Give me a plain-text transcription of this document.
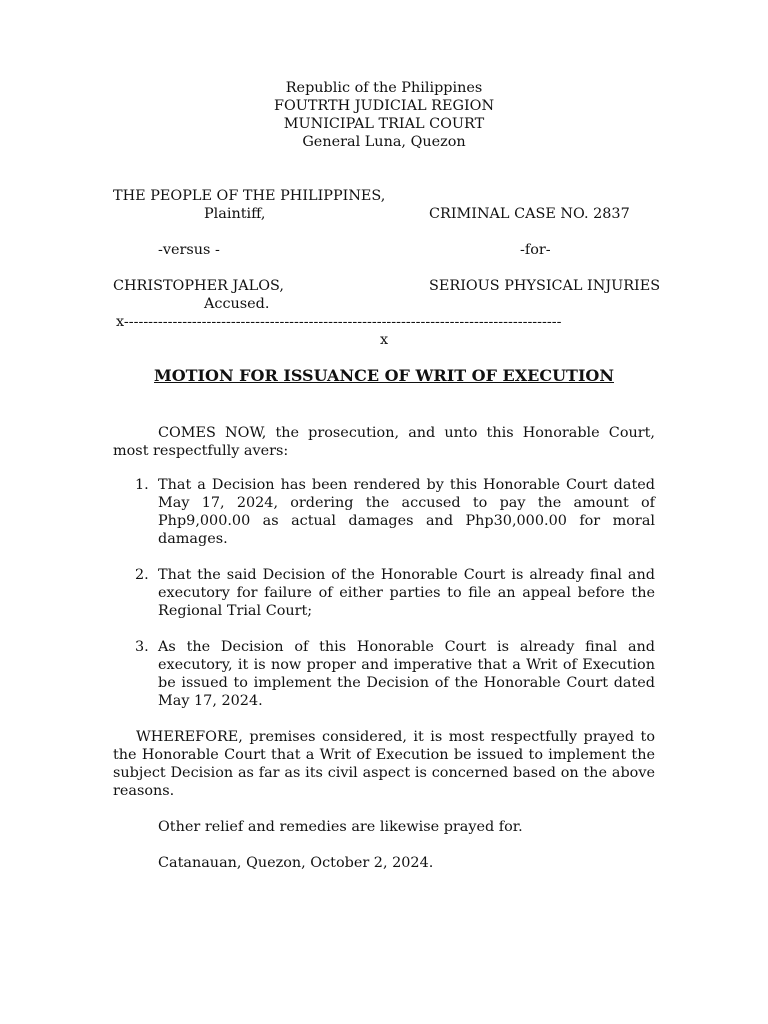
Republic of the Philippines
FOUTRTH JUDICIAL REGION
MUNICIPAL TRIAL COURT
General Luna, Quezon
THE PEOPLE OF THE PHILIPPINES,
Plaintiff,	CRIMINAL CASE NO. 2837
-versus -	-for-
CHRISTOPHER JALOS,	SERIOUS PHYSICAL INJURIES
Accused.
x------------------------------------------------------------------------------------------
x
MOTION FOR ISSUANCE OF WRIT OF EXECUTION
COMES NOW, the prosecution, and unto this Honorable Court, most respectfully avers:
1. That a Decision has been rendered by this Honorable Court dated May 17, 2024, ordering the accused to pay the amount of Php9,000.00 as actual damages and Php30,000.00 for moral damages.
2. That the said Decision of the Honorable Court is already final and executory for failure of either parties to file an appeal before the Regional Trial Court;
3. As the Decision of this Honorable Court is already final and executory, it is now proper and imperative that a Writ of Execution be issued to implement the Decision of the Honorable Court dated May 17, 2024.
WHEREFORE, premises considered, it is most respectfully prayed to the Honorable Court that a Writ of Execution be issued to implement the subject Decision as far as its civil aspect is concerned based on the above reasons.
Other relief and remedies are likewise prayed for.
Catanauan, Quezon, October 2, 2024.
